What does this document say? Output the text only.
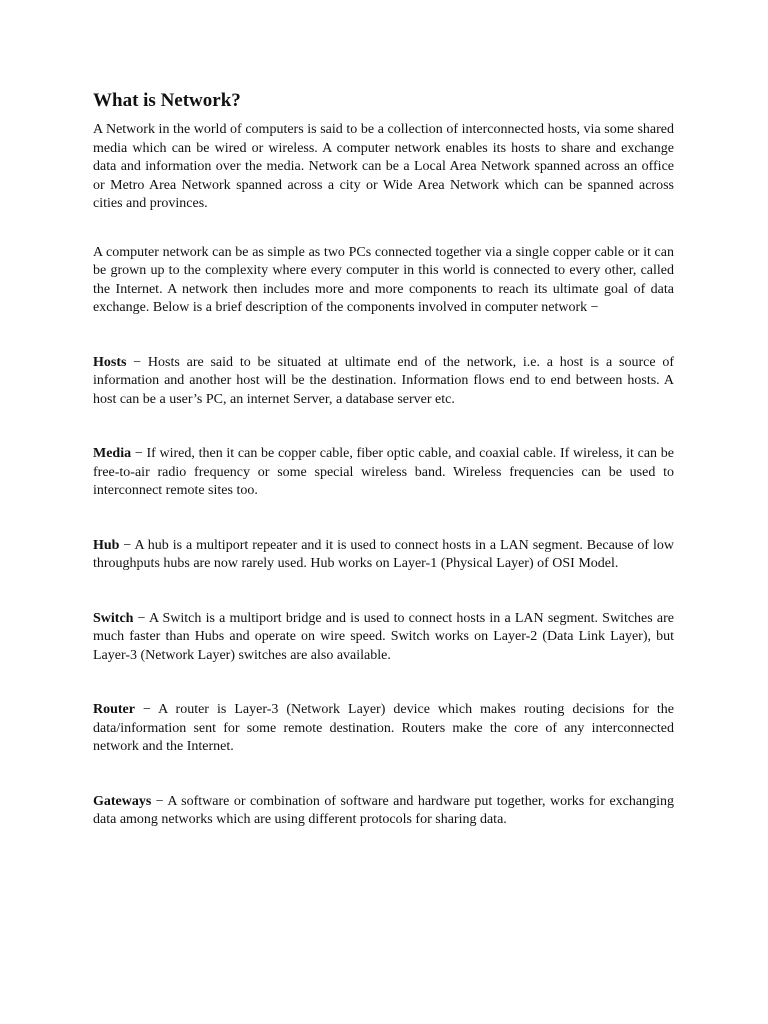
What is Network?

A Network in the world of computers is said to be a collection of interconnected hosts, via some shared media which can be wired or wireless. A computer network enables its hosts to share and exchange data and information over the media. Network can be a Local Area Network spanned across an office or Metro Area Network spanned across a city or Wide Area Network which can be spanned across cities and provinces.

A computer network can be as simple as two PCs connected together via a single copper cable or it can be grown up to the complexity where every computer in this world is connected to every other, called the Internet. A network then includes more and more components to reach its ultimate goal of data exchange. Below is a brief description of the components involved in computer network −

Hosts − Hosts are said to be situated at ultimate end of the network, i.e. a host is a source of information and another host will be the destination. Information flows end to end between hosts. A host can be a user’s PC, an internet Server, a database server etc.

Media − If wired, then it can be copper cable, fiber optic cable, and coaxial cable. If wireless, it can be free-to-air radio frequency or some special wireless band. Wireless frequencies can be used to interconnect remote sites too.

Hub − A hub is a multiport repeater and it is used to connect hosts in a LAN segment. Because of low throughputs hubs are now rarely used. Hub works on Layer-1 (Physical Layer) of OSI Model.

Switch − A Switch is a multiport bridge and is used to connect hosts in a LAN segment. Switches are much faster than Hubs and operate on wire speed. Switch works on Layer-2 (Data Link Layer), but Layer-3 (Network Layer) switches are also available.

Router − A router is Layer-3 (Network Layer) device which makes routing decisions for the data/information sent for some remote destination. Routers make the core of any interconnected network and the Internet.

Gateways − A software or combination of software and hardware put together, works for exchanging data among networks which are using different protocols for sharing data.
